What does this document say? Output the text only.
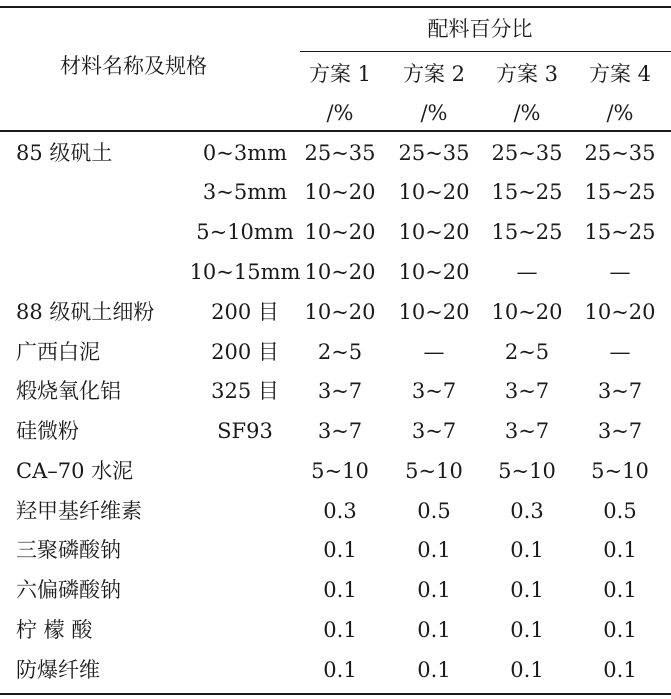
材料名称及规格
配料百分比
方案 1 方案 2 方案 3 方案 4
/%	/%	/%	/%
85 级矾土	0~3mm 25~35 25~35 25~35 25~35
3~5mm 10~20 10~20 15~25 15~25
5~10mm 10~20 10~20 15~25 15~25
10~15mm 10~20 10~20 —	—
88 级矾土细粉	200 目 10~20 10~20 10~20 10~20
广西白泥	200 目 2~5	—	2~5	—
煅烧氧化铝	325 目 3~7 3~7 3~7 3~7
硅微粉	SF93 3~7 3~7 3~7 3~7
CA–70 水泥	5~10 5~10 5~10 5~10
羟甲基纤维素	0.3	0.5	0.3	0.5
三聚磷酸钠	0.1	0.1	0.1	0.1
六偏磷酸钠	0.1	0.1	0.1	0.1
柠 檬 酸	0.1	0.1	0.1	0.1
防爆纤维	0.1	0.1	0.1	0.1
